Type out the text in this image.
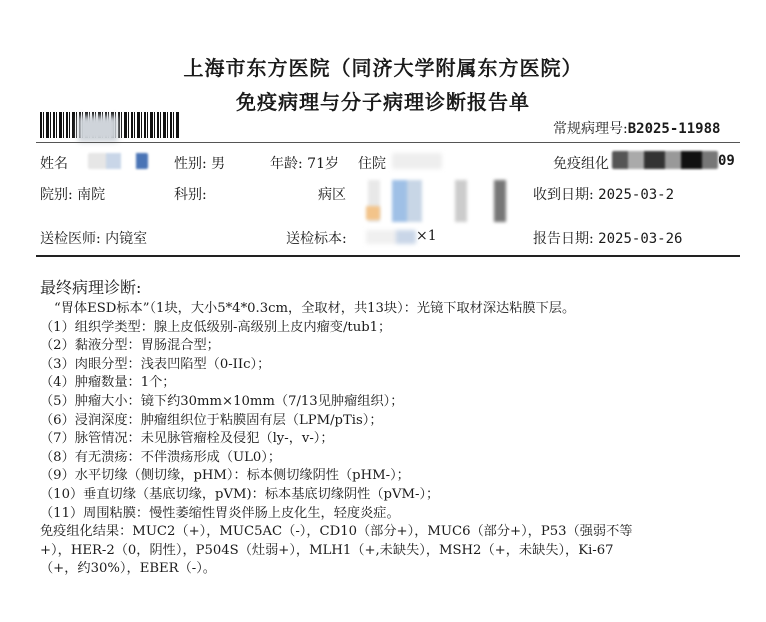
上海市东方医院（同济大学附属东方医院）
免疫病理与分子病理诊断报告单
常规病理号:B2025-11988
姓名	性别: 男	年龄: 71岁 住院	免疫组化	09
院别: 南院	科别:	病区	收到日期: 2025-03-2
送检医师: 内镜室	送检标本:	×1	报告日期: 2025-03-26
最终病理诊断:
“胃体ESD标本”（1块，大小5*4*0.3cm，全取材，共13块）：光镜下取材深达粘膜下层。
（1）组织学类型：腺上皮低级别-高级别上皮内瘤变/tub1；
（2）黏液分型：胃肠混合型；
（3）肉眼分型：浅表凹陷型（0-IIc）；
（4）肿瘤数量：1个；
（5）肿瘤大小：镜下约30mm×10mm（7/13见肿瘤组织）；
（6）浸润深度：肿瘤组织位于粘膜固有层（LPM/pTis）；
（7）脉管情况：未见脉管瘤栓及侵犯（ly-，v-）；
（8）有无溃疡：不伴溃疡形成（UL0）；
（9）水平切缘（侧切缘，pHM）：标本侧切缘阴性（pHM-）；
（10）垂直切缘（基底切缘，pVM)：标本基底切缘阴性（pVM-）；
（11）周围粘膜：慢性萎缩性胃炎伴肠上皮化生，轻度炎症。
免疫组化结果：MUC2（+），MUC5AC（-），CD10（部分+），MUC6（部分+），P53（强弱不等
+），HER-2（0，阴性），P504S（灶弱+），MLH1（+,未缺失），MSH2（+，未缺失），Ki-67
（+，约30%），EBER（-）。
